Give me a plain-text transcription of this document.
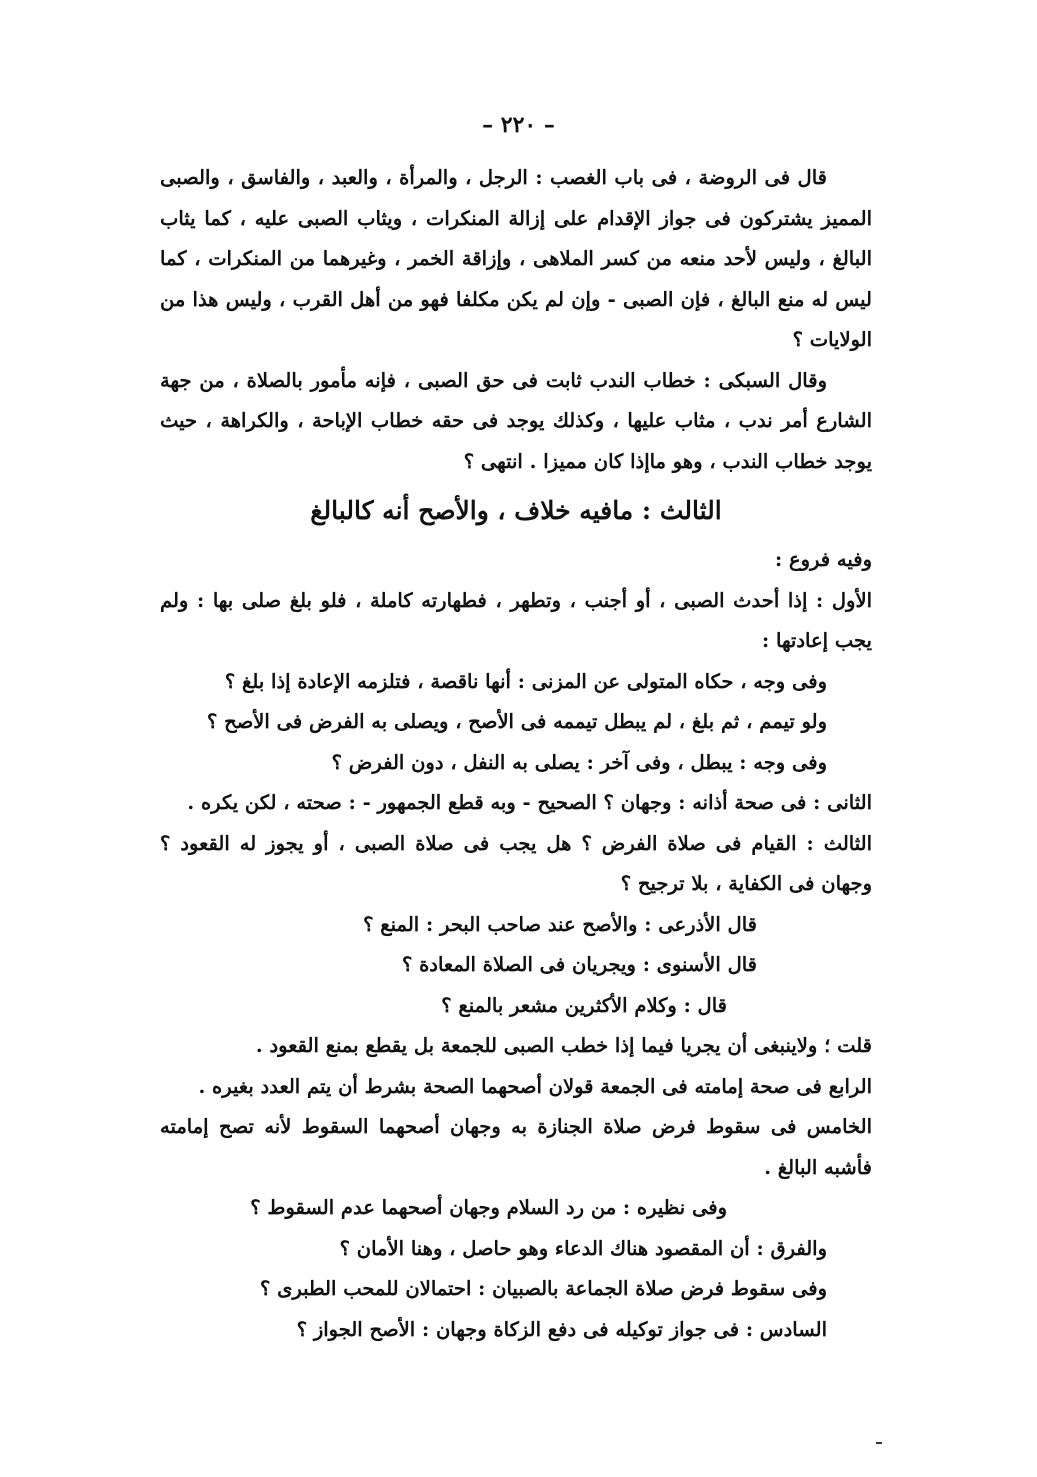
– ٢٢٠ –

قال فى الروضة ، فى باب الغصب : الرجل ، والمرأة ، والعبد ، والفاسق ، والصبى المميز يشتركون فى جواز الإقدام على إزالة المنكرات ، ويثاب الصبى عليه ، كما يثاب البالغ ، وليس لأحد منعه من كسر الملاهى ، وإزاقة الخمر ، وغيرهما من المنكرات ، كما ليس له منع البالغ ، فإن الصبى - وإن لم يكن مكلفا فهو من أهل القرب ، وليس هذا من الولايات ؟

وقال السبكى : خطاب الندب ثابت فى حق الصبى ، فإنه مأمور بالصلاة ، من جهة الشارع أمر ندب ، مثاب عليها ، وكذلك يوجد فى حقه خطاب الإباحة ، والكراهة ، حيث يوجد خطاب الندب ، وهو ماإذا كان مميزا . انتهى ؟

الثالث : مافيه خلاف ، والأصح أنه كالبالغ

وفيه فروع :

الأول : إذا أحدث الصبى ، أو أجنب ، وتطهر ، فطهارته كاملة ، فلو بلغ صلى بها : ولم يجب إعادتها :

وفى وجه ، حكاه المتولى عن المزنى : أنها ناقصة ، فتلزمه الإعادة إذا بلغ ؟

ولو تيمم ، ثم بلغ ، لم يبطل تيممه فى الأصح ، ويصلى به الفرض فى الأصح ؟

وفى وجه : يبطل ، وفى آخر : يصلى به النفل ، دون الفرض ؟

الثانى : فى صحة أذانه : وجهان ؟ الصحيح - وبه قطع الجمهور - : صحته ، لكن يكره .

الثالث : القيام فى صلاة الفرض ؟ هل يجب فى صلاة الصبى ، أو يجوز له القعود ؟ وجهان فى الكفاية ، بلا ترجيح ؟

قال الأذرعى : والأصح عند صاحب البحر : المنع ؟

قال الأسنوى : ويجريان فى الصلاة المعادة ؟

قال : وكلام الأكثرين مشعر بالمنع ؟

قلت ؛ ولاينبغى أن يجريا فيما إذا خطب الصبى للجمعة بل يقطع بمنع القعود .

الرابع فى صحة إمامته فى الجمعة قولان أصحهما الصحة بشرط أن يتم العدد بغيره .

الخامس فى سقوط فرض صلاة الجنازة به وجهان أصحهما السقوط لأنه تصح إمامته فأشبه البالغ .

وفى نظيره : من رد السلام وجهان أصحهما عدم السقوط ؟

والفرق : أن المقصود هناك الدعاء وهو حاصل ، وهنا الأمان ؟

وفى سقوط فرض صلاة الجماعة بالصبيان : احتمالان للمحب الطبرى ؟

السادس : فى جواز توكيله فى دفع الزكاة وجهان : الأصح الجواز ؟
